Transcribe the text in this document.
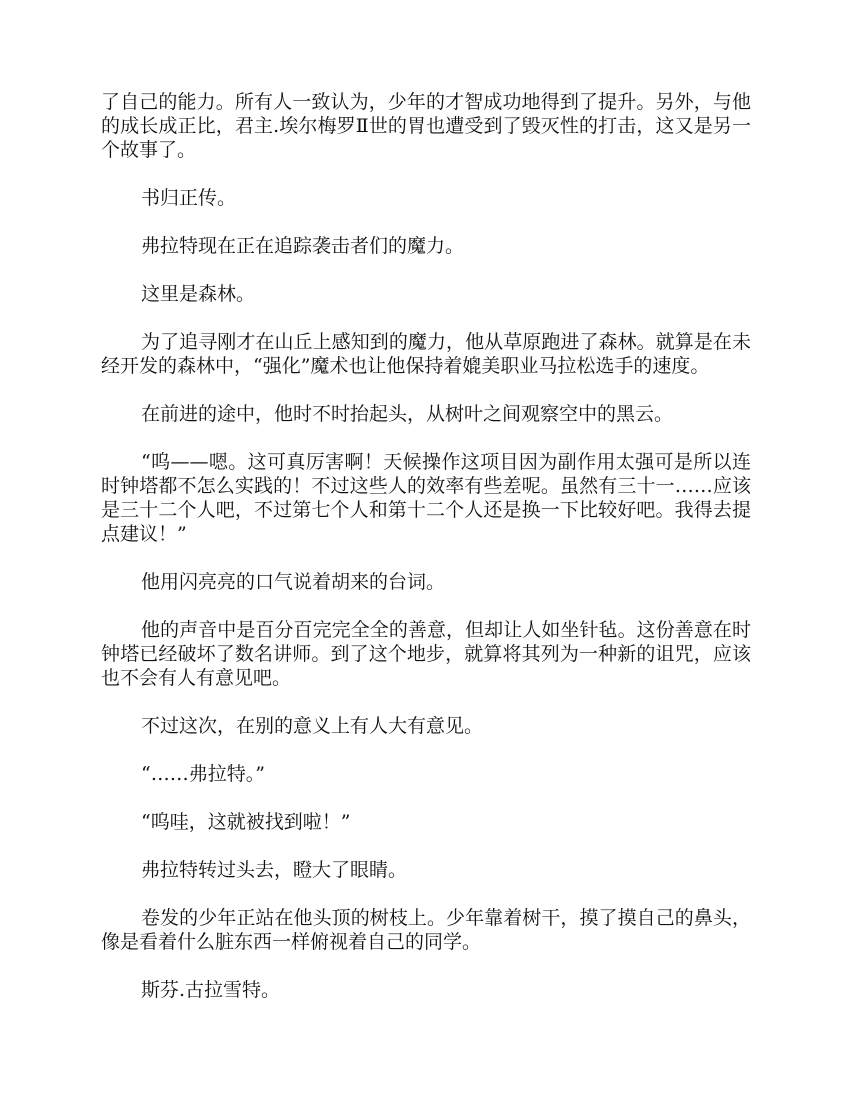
了自己的能力。所有人一致认为，少年的才智成功地得到了提升。另外，与他的成长成正比，君主.埃尔梅罗Ⅱ世的胃也遭受到了毁灭性的打击，这又是另一个故事了。

书归正传。

弗拉特现在正在追踪袭击者们的魔力。

这里是森林。

为了追寻刚才在山丘上感知到的魔力，他从草原跑进了森林。就算是在未经开发的森林中，“强化”魔术也让他保持着媲美职业马拉松选手的速度。

在前进的途中，他时不时抬起头，从树叶之间观察空中的黑云。

“呜——嗯。这可真厉害啊！天候操作这项目因为副作用太强可是所以连时钟塔都不怎么实践的！不过这些人的效率有些差呢。虽然有三十一……应该是三十二个人吧，不过第七个人和第十二个人还是换一下比较好吧。我得去提点建议！”

他用闪亮亮的口气说着胡来的台词。

他的声音中是百分百完完全全的善意，但却让人如坐针毡。这份善意在时钟塔已经破坏了数名讲师。到了这个地步，就算将其列为一种新的诅咒，应该也不会有人有意见吧。

不过这次，在别的意义上有人大有意见。

“……弗拉特。”

“呜哇，这就被找到啦！”

弗拉特转过头去，瞪大了眼睛。

卷发的少年正站在他头顶的树枝上。少年靠着树干，摸了摸自己的鼻头，像是看着什么脏东西一样俯视着自己的同学。

斯芬.古拉雪特。
